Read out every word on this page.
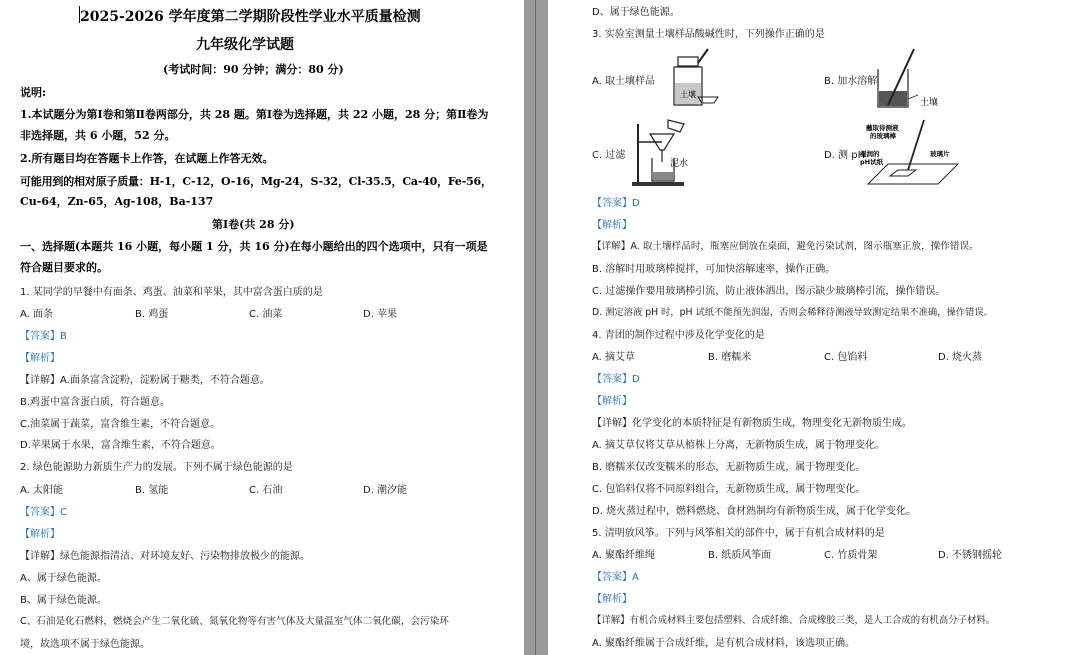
2025-2026 学年度第二学期阶段性学业水平质量检测
九年级化学试题
(考试时间：90 分钟；满分：80 分)
说明:
1.本试题分为第Ⅰ卷和第Ⅱ卷两部分，共 28 题。第Ⅰ卷为选择题，共 22 小题，28 分；第Ⅱ卷为
非选择题，共 6 小题，52 分。
2.所有题目均在答题卡上作答，在试题上作答无效。
可能用到的相对原子质量：H-1，C-12，O-16，Mg-24，S-32，Cl-35.5，Ca-40，Fe-56，
Cu-64，Zn-65，Ag-108，Ba-137
第Ⅰ卷(共 28 分)
一、选择题(本题共 16 小题，每小题 1 分，共 16 分)在每小题给出的四个选项中，只有一项是
符合题目要求的。
1. 某同学的早餐中有面条、鸡蛋、油菜和苹果，其中富含蛋白质的是
A. 面条	B. 鸡蛋	C. 油菜	D. 苹果
【答案】B
【解析】
【详解】A.面条富含淀粉，淀粉属于糖类，不符合题意。
B.鸡蛋中富含蛋白质，符合题意。
C.油菜属于蔬菜，富含维生素，不符合题意。
D.苹果属于水果，富含维生素，不符合题意。
2. 绿色能源助力新质生产力的发展。下列不属于绿色能源的是
A. 太阳能	B. 氢能	C. 石油	D. 潮汐能
【答案】C
【解析】
【详解】绿色能源指清洁、对环境友好、污染物排放极少的能源。
A、属于绿色能源。
B、属于绿色能源。
C、石油是化石燃料，燃烧会产生二氧化硫、氮氧化物等有害气体及大量温室气体二氧化碳，会污染环
境，故选项不属于绿色能源。
D、属于绿色能源。
3. 实验室测量土壤样品酸碱性时，下列操作正确的是
A. 取土壤样品
土壤
B. 加水溶解
土壤
C. 过滤
泥水
D. 测 pH
蘸取待测液
的玻璃棒
湿润的
pH试纸
玻璃片
【答案】D
【解析】
【详解】A. 取土壤样品时，瓶塞应倒放在桌面，避免污染试剂，图示瓶塞正放，操作错误。
B. 溶解时用玻璃棒搅拌，可加快溶解速率，操作正确。
C. 过滤操作要用玻璃棒引流，防止液体洒出，图示缺少玻璃棒引流，操作错误。
D. 测定溶液 pH 时，pH 试纸不能预先润湿，否则会稀释待测液导致测定结果不准确，操作错误。
4. 青团的制作过程中涉及化学变化的是
A. 摘艾草	B. 磨糯米	C. 包馅料	D. 烧火蒸
【答案】D
【解析】
【详解】化学变化的本质特征是有新物质生成，物理变化无新物质生成。
A. 摘艾草仅将艾草从植株上分离，无新物质生成，属于物理变化。
B. 磨糯米仅改变糯米的形态，无新物质生成，属于物理变化。
C. 包馅料仅将不同原料组合，无新物质生成，属于物理变化。
D. 烧火蒸过程中，燃料燃烧、食材熟制均有新物质生成，属于化学变化。
5. 清明放风筝。下列与风筝相关的部件中，属于有机合成材料的是
A. 聚酯纤维绳	B. 纸质风筝面	C. 竹质骨架	D. 不锈钢摇轮
【答案】A
【解析】
【详解】有机合成材料主要包括塑料、合成纤维、合成橡胶三类，是人工合成的有机高分子材料。
A. 聚酯纤维属于合成纤维，是有机合成材料，该选项正确。
